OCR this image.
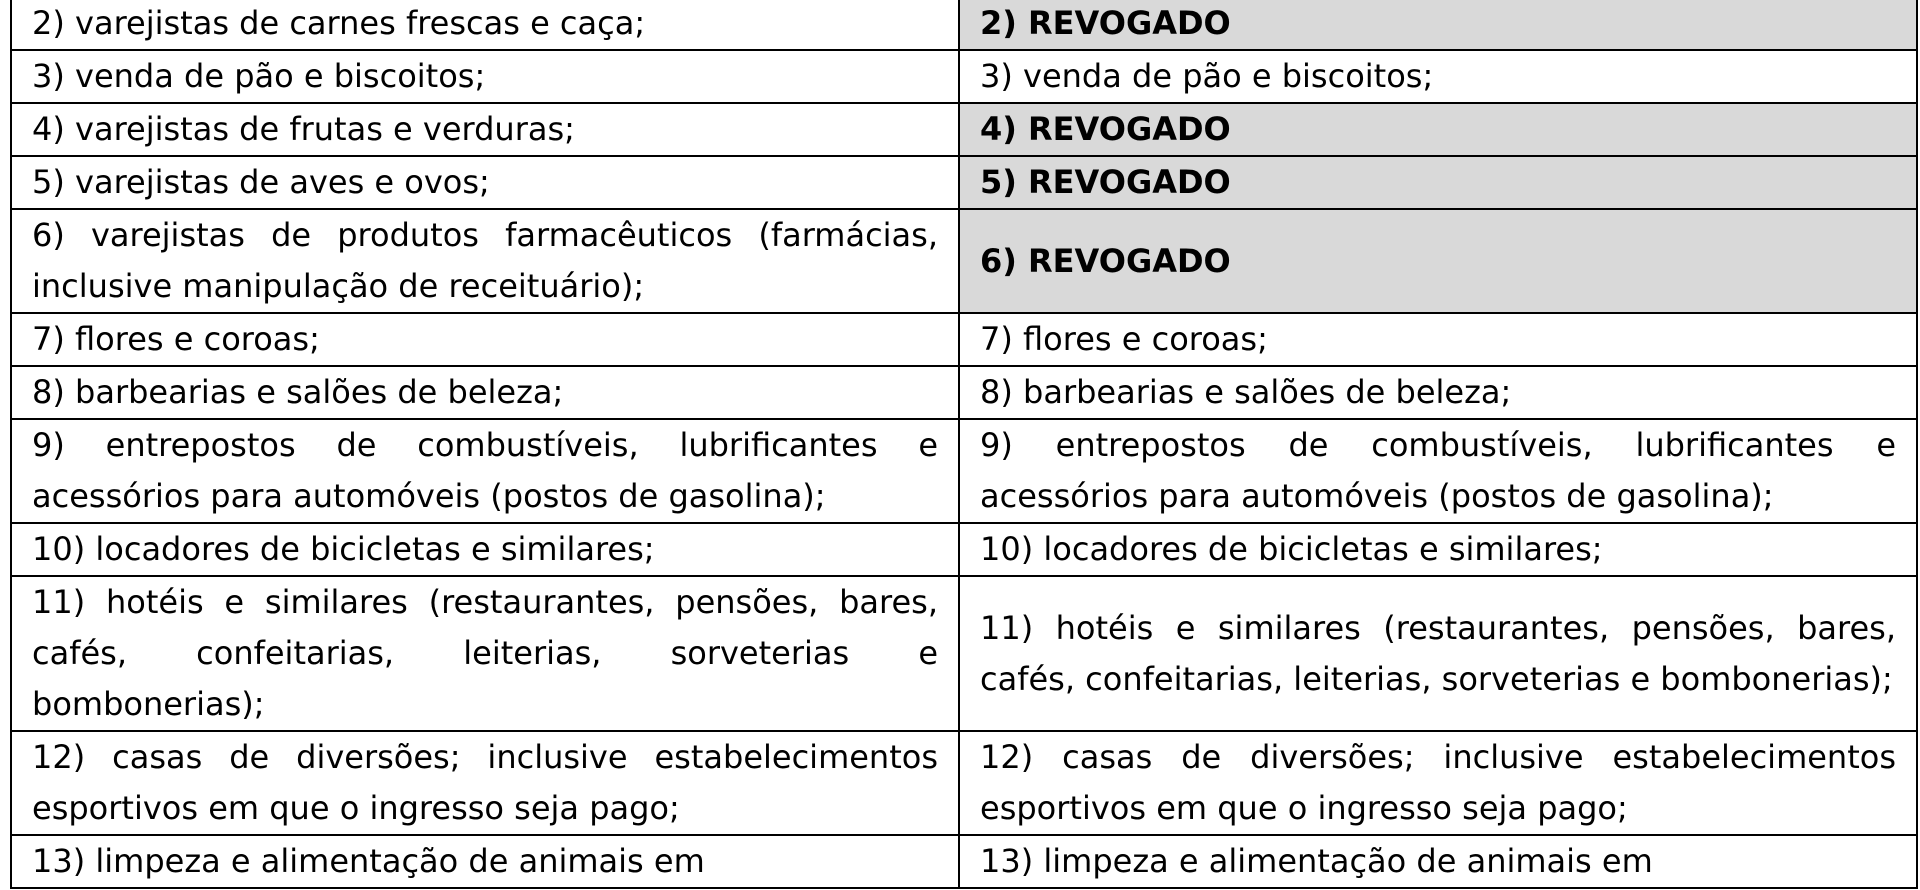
2) varejistas de carnes frescas e caça;	2) REVOGADO
3) venda de pão e biscoitos;	3) venda de pão e biscoitos;
4) varejistas de frutas e verduras;	4) REVOGADO
5) varejistas de aves e ovos;	5) REVOGADO
6) varejistas de produtos farmacêuticos (farmácias, inclusive manipulação de receituário);	6) REVOGADO
7) flores e coroas;	7) flores e coroas;
8) barbearias e salões de beleza;	8) barbearias e salões de beleza;
9) entrepostos de combustíveis, lubrificantes e acessórios para automóveis (postos de gasolina);	9) entrepostos de combustíveis, lubrificantes e acessórios para automóveis (postos de gasolina);
10) locadores de bicicletas e similares;	10) locadores de bicicletas e similares;
11) hotéis e similares (restaurantes, pensões, bares, cafés, confeitarias, leiterias, sorveterias e bombonerias);	11) hotéis e similares (restaurantes, pensões, bares, cafés, confeitarias, leiterias, sorveterias e bombonerias);
12) casas de diversões; inclusive estabelecimentos esportivos em que o ingresso seja pago;	12) casas de diversões; inclusive estabelecimentos esportivos em que o ingresso seja pago;
13) limpeza e alimentação de animais em	13) limpeza e alimentação de animais em
